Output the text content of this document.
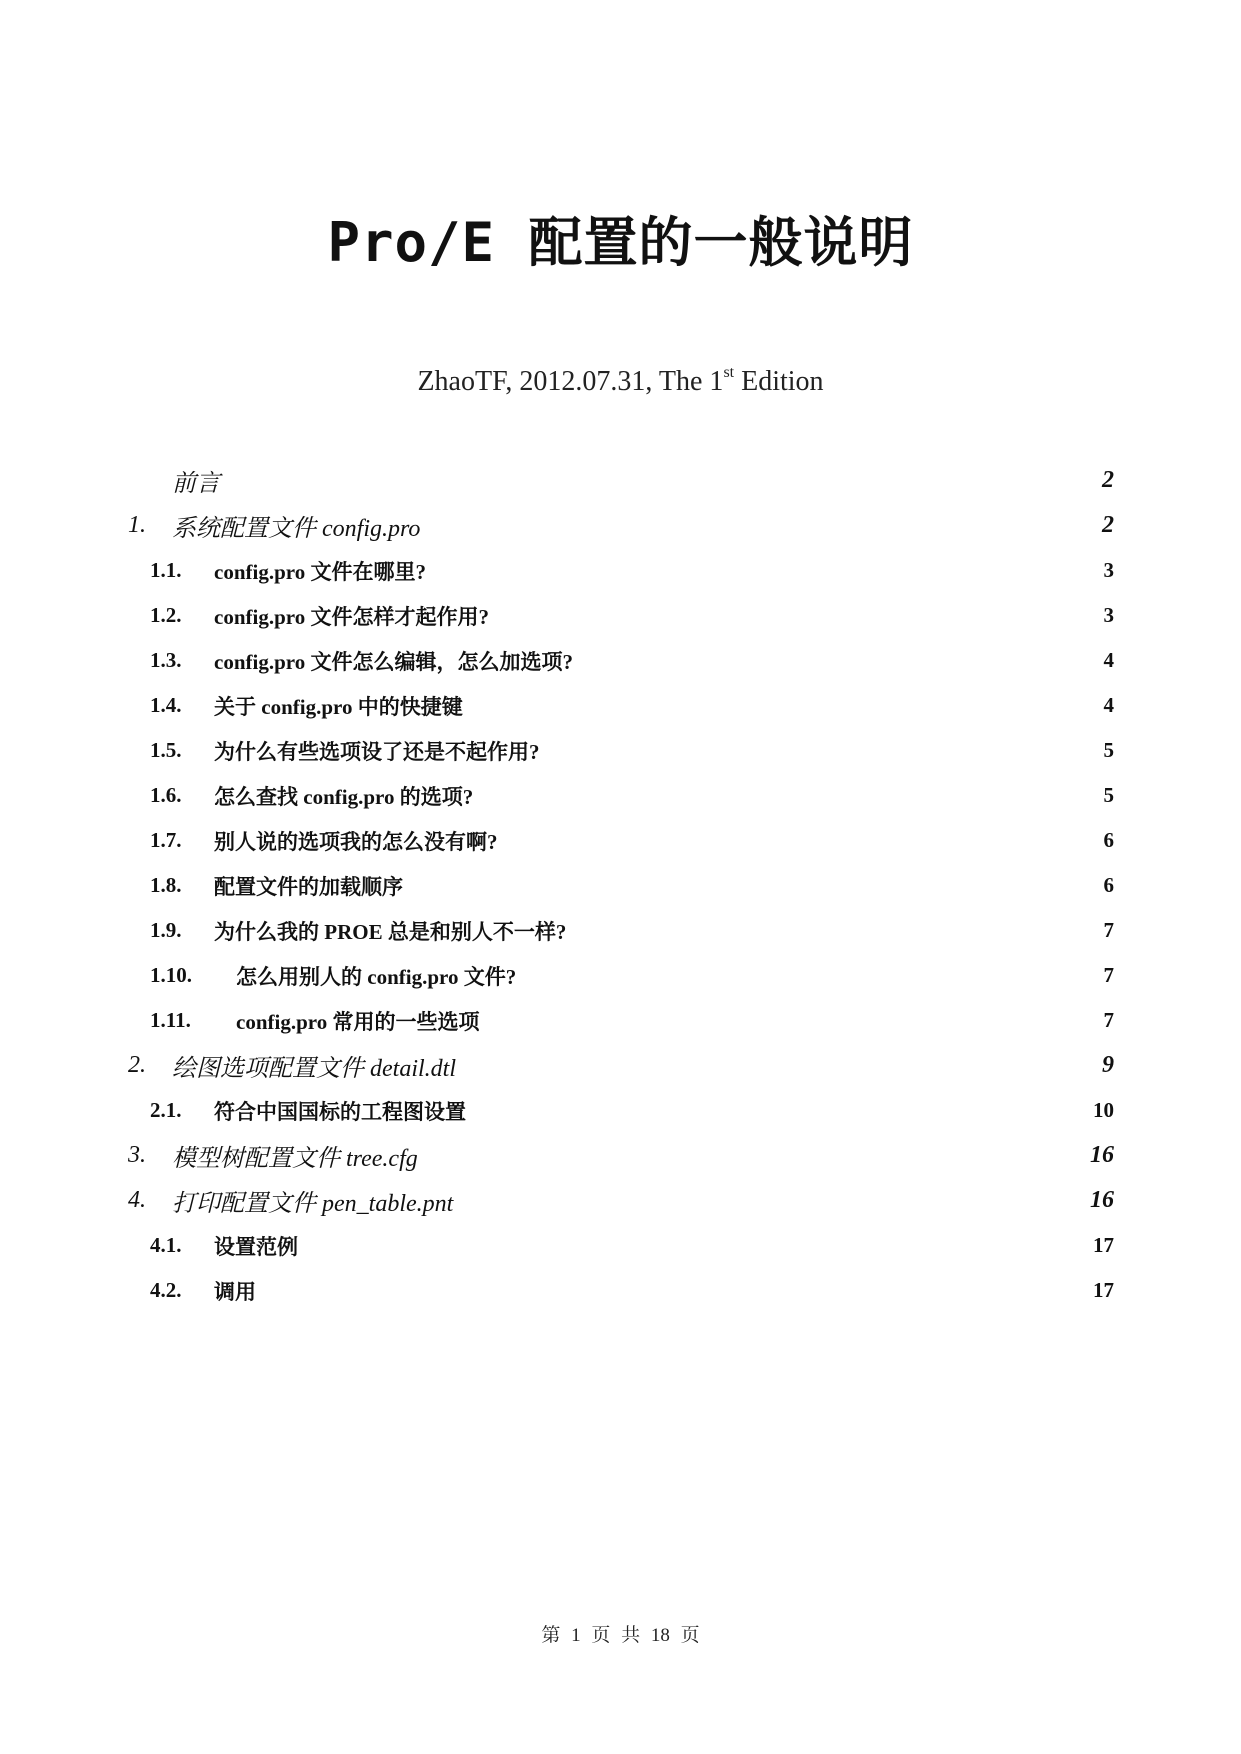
Pro/E 配置的一般说明
ZhaoTF, 2012.07.31, The 1st Edition
前言	2
1.	系统配置文件 config.pro	2
1.1.	config.pro 文件在哪里?	3
1.2.	config.pro 文件怎样才起作用?	3
1.3.	config.pro 文件怎么编辑，怎么加选项?	4
1.4.	关于 config.pro 中的快捷键	4
1.5.	为什么有些选项设了还是不起作用?	5
1.6.	怎么查找 config.pro 的选项?	5
1.7.	别人说的选项我的怎么没有啊?	6
1.8.	配置文件的加载顺序	6
1.9.	为什么我的 PROE 总是和别人不一样?	7
1.10.	怎么用别人的 config.pro 文件?	7
1.11.	config.pro 常用的一些选项	7
2.	绘图选项配置文件 detail.dtl	9
2.1.	符合中国国标的工程图设置	10
3.	模型树配置文件 tree.cfg	16
4.	打印配置文件 pen_table.pnt	16
4.1.	设置范例	17
4.2.	调用	17
第 1 页 共 18 页
